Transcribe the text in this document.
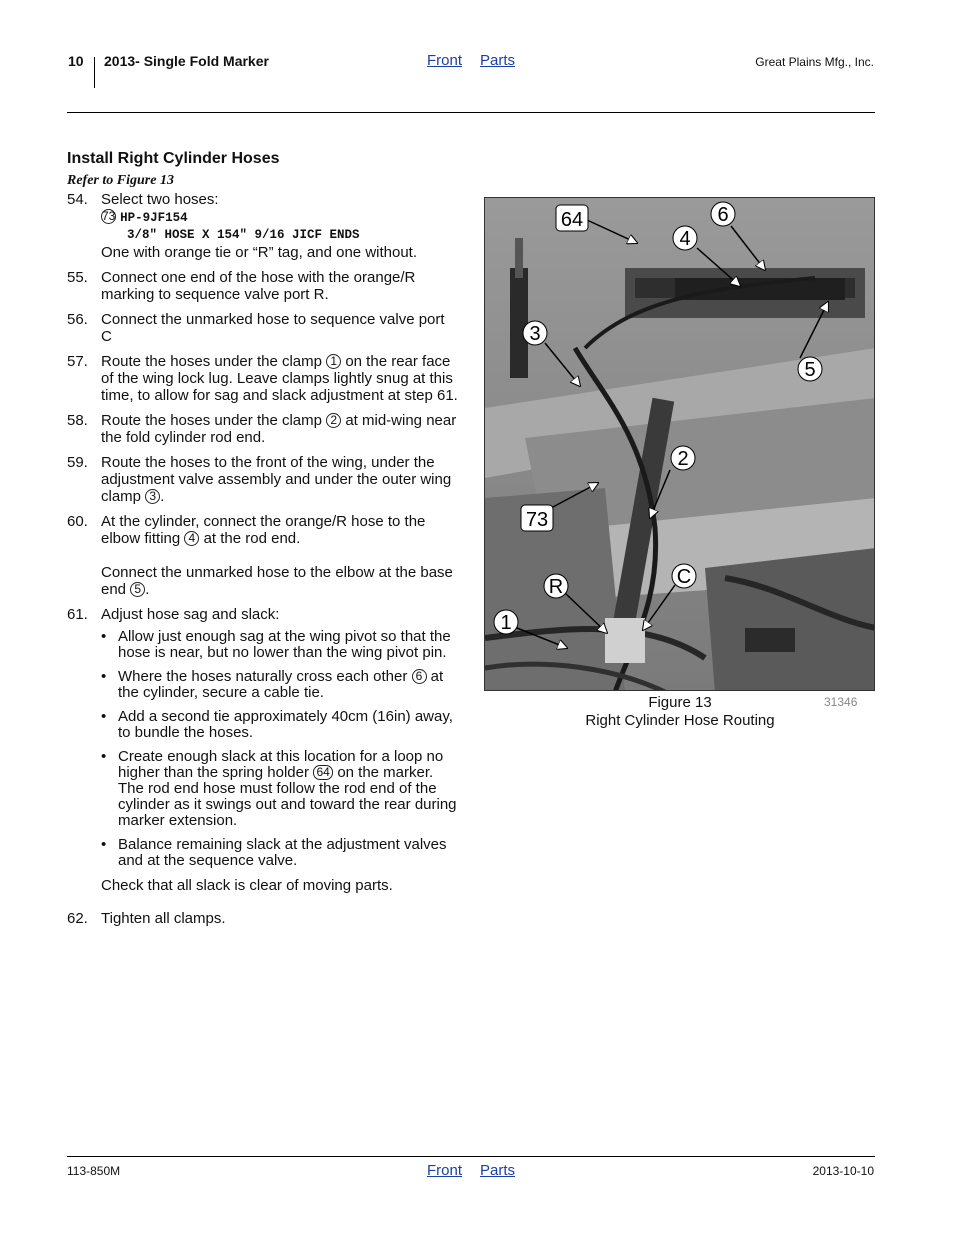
10 2013- Single Fold Marker	Front Parts	Great Plains Mfg., Inc.
Install Right Cylinder Hoses
Refer to Figure 13
54. Select two hoses:
73 HP-9JF154
3/8" HOSE X 154" 9/16 JICF ENDS
One with orange tie or “R” tag, and one without.
55. Connect one end of the hose with the orange/R marking to sequence valve port R.
56. Connect the unmarked hose to sequence valve port C
57. Route the hoses under the clamp 1 on the rear face of the wing lock lug. Leave clamps lightly snug at this time, to allow for sag and slack adjustment at step 61.
58. Route the hoses under the clamp 2 at mid-wing near the fold cylinder rod end.
59. Route the hoses to the front of the wing, under the adjustment valve assembly and under the outer wing clamp 3 .
60. At the cylinder, connect the orange/R hose to the elbow fitting 4 at the rod end.
Connect the unmarked hose to the elbow at the base end 5 .
61. Adjust hose sag and slack:
• Allow just enough sag at the wing pivot so that the hose is near, but no lower than the wing pivot pin.
• Where the hoses naturally cross each other 6 at the cylinder, secure a cable tie.
• Add a second tie approximately 40cm (16in) away, to bundle the hoses.
• Create enough slack at this location for a loop no higher than the spring holder 64 on the marker. The rod end hose must follow the rod end of the cylinder as it swings out and toward the rear during marker extension.
• Balance remaining slack at the adjustment valves and at the sequence valve.
Check that all slack is clear of moving parts.
62. Tighten all clamps.
64	6
4
3
5
2
73
R	C
1
Figure 13
Right Cylinder Hose Routing
31346
113-850M	Front Parts	2013-10-10
